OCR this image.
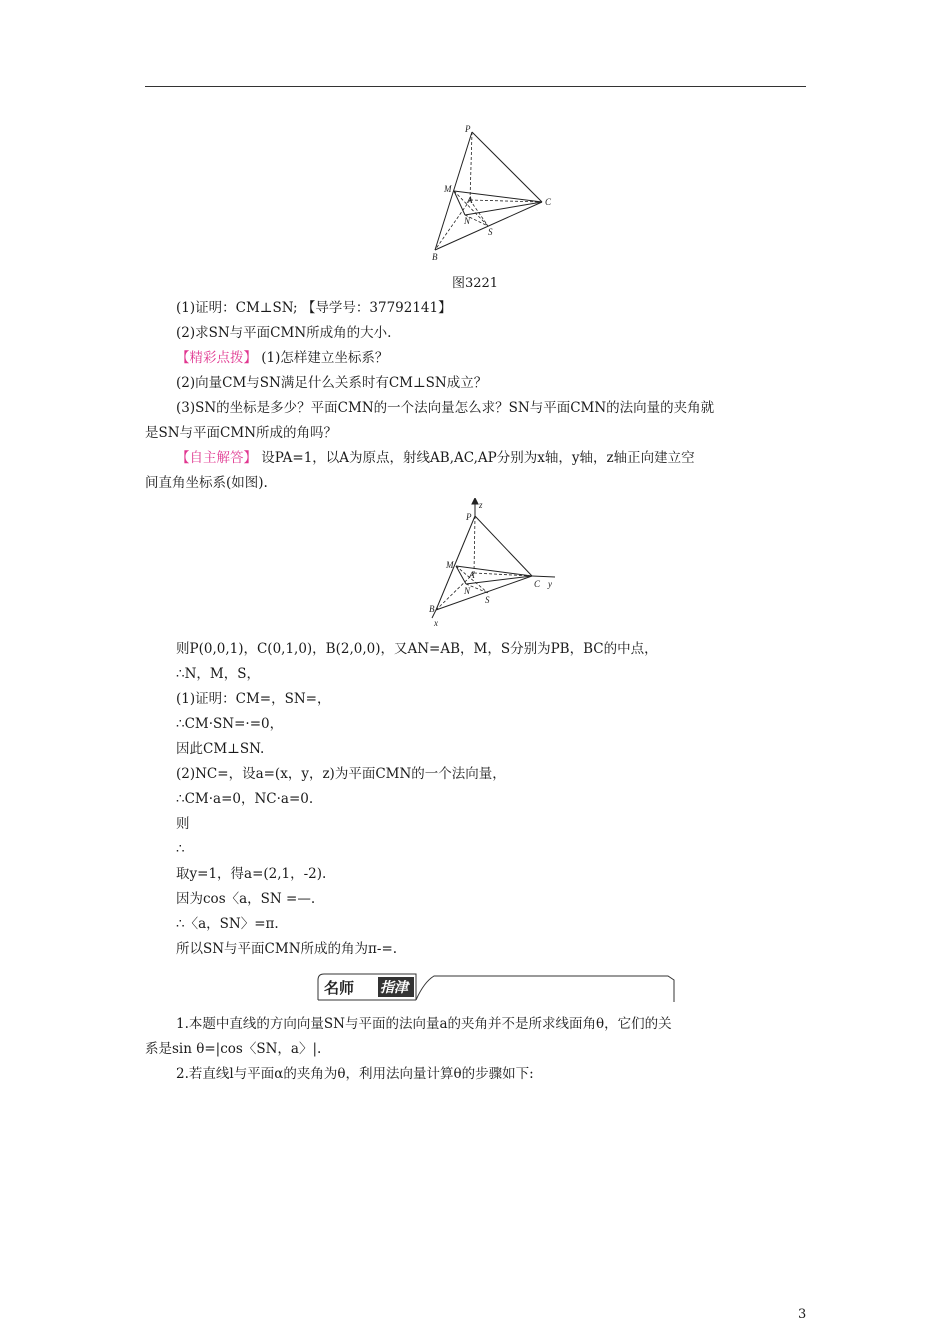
P
M
A	C
N
S
B
图3221
(1)证明：CM⊥SN; 【导学号：37792141】
(2)求SN与平面CMN所成角的大小.
【精彩点拨】 (1)怎样建立坐标系？
(2)向量CM与SN满足什么关系时有CM⊥SN成立？
(3)SN的坐标是多少？平面CMN的一个法向量怎么求？SN与平面CMN的法向量的夹角就
是SN与平面CMN所成的角吗？
【自主解答】 设PA=1，以A为原点，射线AB,AC,AP分别为x轴，y轴，z轴正向建立空
间直角坐标系(如图).
P
z
M
A
C y
N
S
B
x
则P(0,0,1)，C(0,1,0)，B(2,0,0)，又AN=AB，M，S分别为PB，BC的中点，
∴N，M，S，
(1)证明：CM=，SN=，
∴CM·SN=·=0，
因此CM⊥SN.
(2)NC=，设a=(x，y，z)为平面CMN的一个法向量，
∴CM·a=0，NC·a=0.
则
∴
取y=1，得a=(2,1，-2).
因为cos〈a，SN =—.
∴〈a，SN〉=π.
所以SN与平面CMN所成的角为π-=.
名师 指津
1.本题中直线的方向向量SN与平面的法向量a的夹角并不是所求线面角θ，它们的关
系是sin θ=|cos〈SN，a〉|.
2.若直线l与平面α的夹角为θ，利用法向量计算θ的步骤如下:
3
